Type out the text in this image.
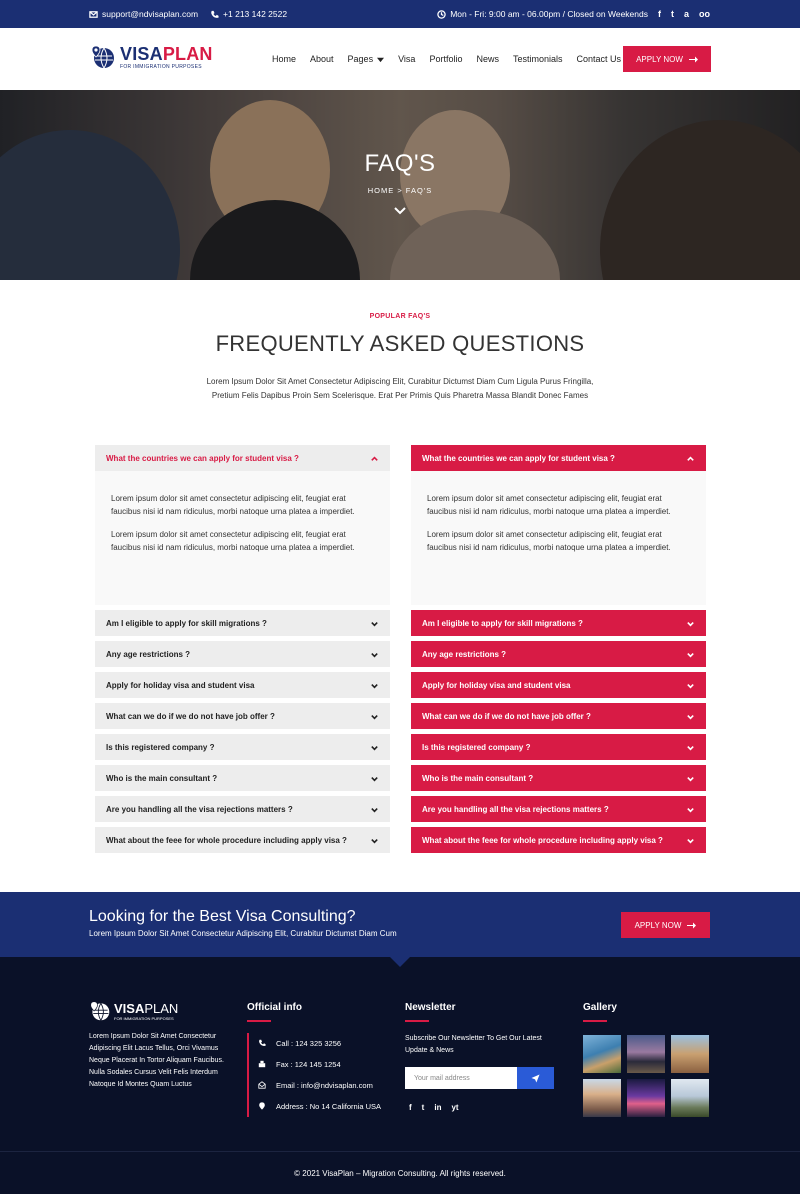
support@ndvisaplan.com	+1 213 142 2522	Mon - Fri: 9:00 am - 06.00pm / Closed on Weekends f t a oo
VISAPLAN
FOR IMMIGRATION PURPOSES
Home About Pages	Visa Portfolio News Testimonials Contact Us APPLY NOW
FAQ'S
HOME > FAQ'S
POPULAR FAQ'S
FREQUENTLY ASKED QUESTIONS
Lorem Ipsum Dolor Sit Amet Consectetur Adipiscing Elit, Curabitur Dictumst Diam Cum Ligula Purus Fringilla,
Pretium Felis Dapibus Proin Sem Scelerisque. Erat Per Primis Quis Pharetra Massa Blandit Donec Fames
What the countries we can apply for student visa ?

Lorem ipsum dolor sit amet consectetur adipiscing elit, feugiat erat faucibus nisi id nam ridiculus, morbi natoque urna platea a imperdiet.

Lorem ipsum dolor sit amet consectetur adipiscing elit, feugiat erat faucibus nisi id nam ridiculus, morbi natoque urna platea a imperdiet.

Am I eligible to apply for skill migrations ?
Any age restrictions ?
Apply for holiday visa and student visa
What can we do if we do not have job offer ?
Is this registered company ?
Who is the main consultant ?
Are you handling all the visa rejections matters ?
What about the feee for whole procedure including apply visa ?
What the countries we can apply for student visa ?

Lorem ipsum dolor sit amet consectetur adipiscing elit, feugiat erat faucibus nisi id nam ridiculus, morbi natoque urna platea a imperdiet.

Lorem ipsum dolor sit amet consectetur adipiscing elit, feugiat erat faucibus nisi id nam ridiculus, morbi natoque urna platea a imperdiet.

Am I eligible to apply for skill migrations ?
Any age restrictions ?
Apply for holiday visa and student visa
What can we do if we do not have job offer ?
Is this registered company ?
Who is the main consultant ?
Are you handling all the visa rejections matters ?
What about the feee for whole procedure including apply visa ?
Looking for the Best Visa Consulting?
Lorem Ipsum Dolor Sit Amet Consectetur Adipiscing Elit, Curabitur Dictumst Diam Cum
APPLY NOW
VISAPLAN
FOR IMMIGRATION PURPOSES
Lorem Ipsum Dolor Sit Amet Consectetur Adipiscing Elit Lacus Tellus, Orci Vivamus Neque Placerat In Tortor Aliquam Faucibus. Nulla Sodales Cursus Velit Felis Interdum Natoque Id Montes Quam Luctus
Official info
Call : 124 325 3256
Fax : 124 145 1254
Email : info@ndvisaplan.com
Address : No 14 California USA
Newsletter
Subscribe Our Newsletter To Get Our Latest Update & News
Your mail address
f t in yt
Gallery
© 2021 VisaPlan – Migration Consulting. All rights reserved.
